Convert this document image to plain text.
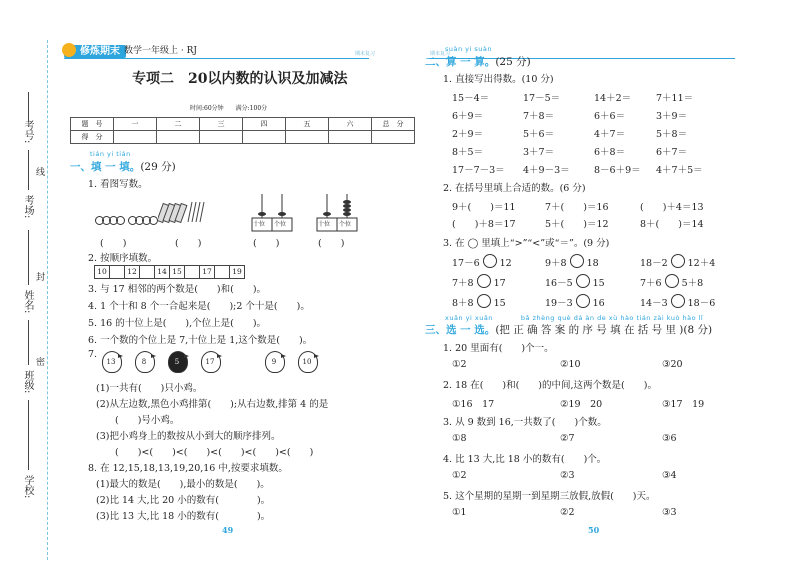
考号:
考场:
姓名:
班级:
学校:
线
封
密
修炼期末 数学一年级上 · RJ	期末复习	期末复习
专项二　20以内数的认识及加减法
时间:60分钟　　满分:100分
题　号	一	二	三	四	五	六	总　分
得　分							
tián yi tián
一、填 一 填。(29 分)
1. 看图写数。

十位 个位	十位 个位
(　　)	(　　)	(　　)	(　　)
2. 按顺序填数。
10	12	14 15	17	19
3. 与 17 相邻的两个数是(　　)和(　　)。
4. 1 个十和 8 个一合起来是(　　);2 个十是(　　)。
5. 16 的十位上是(　　),个位上是(　　)。
6. 一个数的个位上是 7,十位上是 1,这个数是(　　)。
7.
13	8	5	17	9	10
(1)一共有(　　)只小鸡。
(2)从左边数,黑色小鸡排第(　　);从右边数,排第 4 的是
(　　)号小鸡。
(3)把小鸡身上的数按从小到大的顺序排列。
(　　)<(　　)<(　　)<(　　)<(　　)<(　　)
8. 在 12,15,18,13,19,20,16 中,按要求填数。
(1)最大的数是(　　),最小的数是(　　)。
(2)比 14 大,比 20 小的数有(　　　　)。
(3)比 13 大,比 18 小的数有(　　　　)。
49
suàn yi suàn
二、算 一 算。(25 分)
1. 直接写出得数。(10 分)
15－4＝	17－5＝	14＋2＝	7＋11＝
6＋9＝	7＋8＝	6＋6＝	3＋9＝
2＋9＝	5＋6＝	4＋7＝	5＋8＝
8＋5＝	3＋7＝	6＋8＝	6＋7＝
17－7－3＝ 4＋9－3＝	8－6＋9＝ 4＋7＋5＝
2. 在括号里填上合适的数。(6 分)
9＋(　　)＝11	7＋(　　)＝16	(　　)＋4＝13
(　　)＋8＝17	5＋(　　)＝12	8＋(　　)＝14
3. 在 ◯ 里填上“>”“<”或“＝”。(9 分)
17－6 12	9＋8 18	18－2 12＋4
7＋8 17	16－5 15	7＋6 5＋8
8＋8 15	19－3 16	14－3 18－6
xuǎn yi xuǎn　　　　bǎ zhèng què dá àn de xù hào tián zài kuò hào lǐ
三、选 一 选。(把 正 确 答 案 的 序 号 填 在 括 号 里 )(8 分)
1. 20 里面有(　　)个一。
①2	②10	③20
2. 18 在(　　)和(　　)的中间,这两个数是(　　)。
①16　17	②19　20	③17　19
3. 从 9 数到 16,一共数了(　　)个数。
①8	②7	③6
4. 比 13 大,比 18 小的数有(　　)个。
①2	②3	③4
5. 这个星期的星期一到星期三放假,放假(　　)天。
①1	②2	③3
50
